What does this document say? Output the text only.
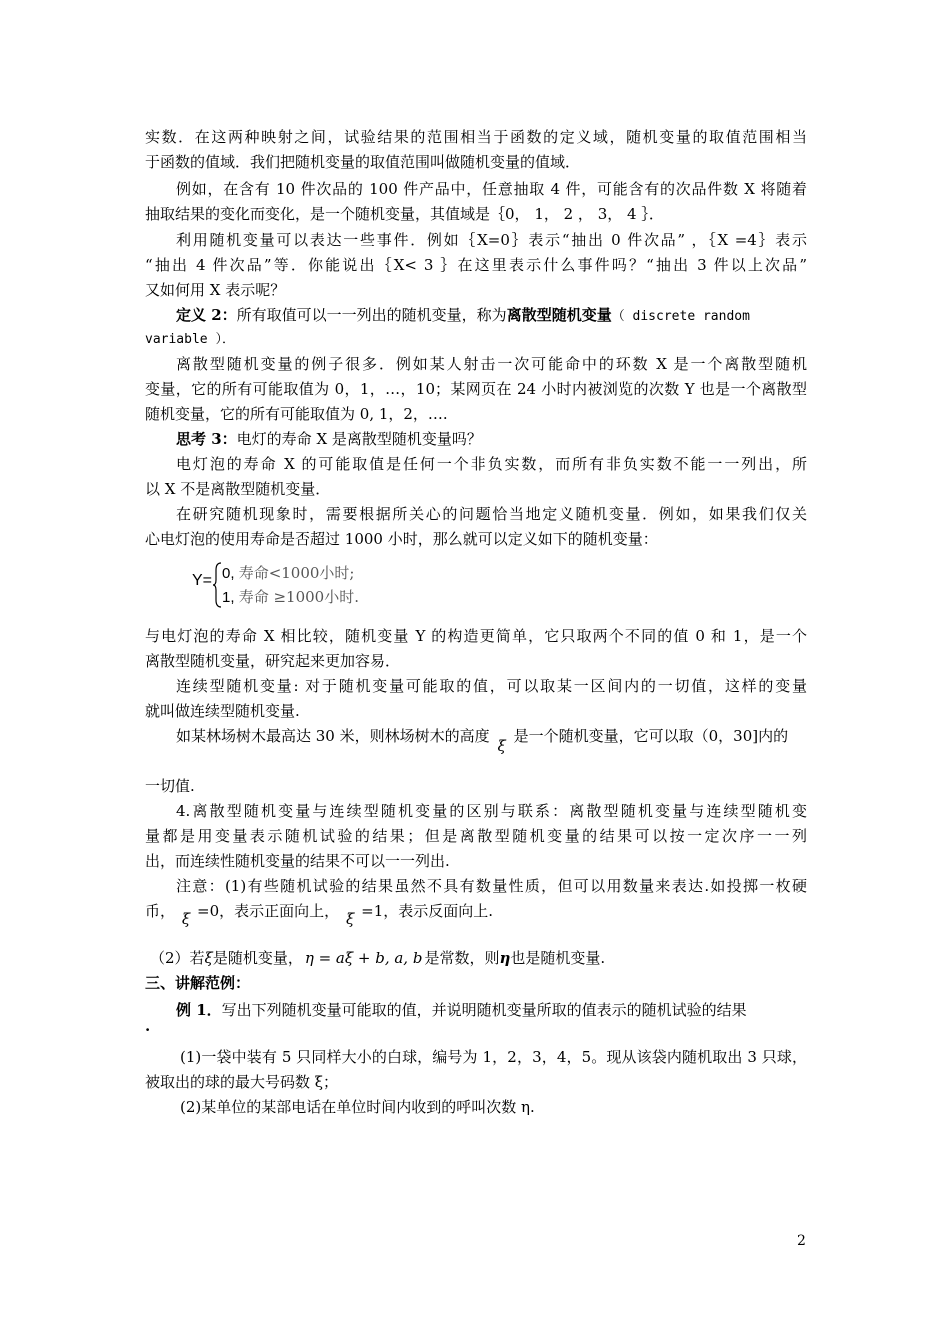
实数．在这两种映射之间，试验结果的范围相当于函数的定义域，随机变量的取值范围相当
于函数的值域．我们把随机变量的取值范围叫做随机变量的值域．
例如，在含有 10 件次品的 100 件产品中，任意抽取 4 件，可能含有的次品件数 X 将随着
抽取结果的变化而变化，是一个随机变量，其值域是｛0， 1， 2 ， 3， 4 ｝．
利用随机变量可以表达一些事件．例如｛X=0｝表示“抽出 0 件次品” ，｛X =4｝表示
“抽出 4 件次品”等．你能说出｛X< 3 ｝在这里表示什么事件吗？“抽出 3 件以上次品”
又如何用 X 表示呢？
定义 2：所有取值可以一一列出的随机变量，称为离散型随机变量（ discrete random
variable ）．
离散型随机变量的例子很多．例如某人射击一次可能命中的环数 X 是一个离散型随机
变量，它的所有可能取值为 0，1，…，10；某网页在 24 小时内被浏览的次数 Y 也是一个离散型
随机变量，它的所有可能取值为 0, 1，2，….
思考 3：电灯的寿命 X 是离散型随机变量吗？
电灯泡的寿命 X 的可能取值是任何一个非负实数，而所有非负实数不能一一列出，所
以 X 不是离散型随机变量．
在研究随机现象时，需要根据所关心的问题恰当地定义随机变量．例如，如果我们仅关
心电灯泡的使用寿命是否超过 1000 小时，那么就可以定义如下的随机变量：
Y= 0, 寿命<1000小时;
1, 寿命 ≥1000小时.
与电灯泡的寿命 X 相比较，随机变量 Y 的构造更简单，它只取两个不同的值 0 和 1，是一个
离散型随机变量，研究起来更加容易．
连续型随机变量: 对于随机变量可能取的值，可以取某一区间内的一切值，这样的变量
就叫做连续型随机变量.
如某林场树木最高达 30 米，则林场树木的高度ξ是一个随机变量，它可以取（0，30]内的
一切值.
4.离散型随机变量与连续型随机变量的区别与联系：离散型随机变量与连续型随机变
量都是用变量表示随机试验的结果；但是离散型随机变量的结果可以按一定次序一一列
出，而连续性随机变量的结果不可以一一列出.
注意：(1)有些随机试验的结果虽然不具有数量性质，但可以用数量来表达.如投掷一枚硬
币， ξ =0，表示正面向上， ξ =1，表示反面向上.
（2）若ξ是随机变量， η = aξ + b, a, b 是常数，则η也是随机变量.
三、讲解范例：
例 1．写出下列随机变量可能取的值，并说明随机变量所取的值表示的随机试验的结果
.
(1)一袋中装有 5 只同样大小的白球，编号为 1，2，3，4，5。现从该袋内随机取出 3 只球，
被取出的球的最大号码数 ξ；
(2)某单位的某部电话在单位时间内收到的呼叫次数 η.
2
